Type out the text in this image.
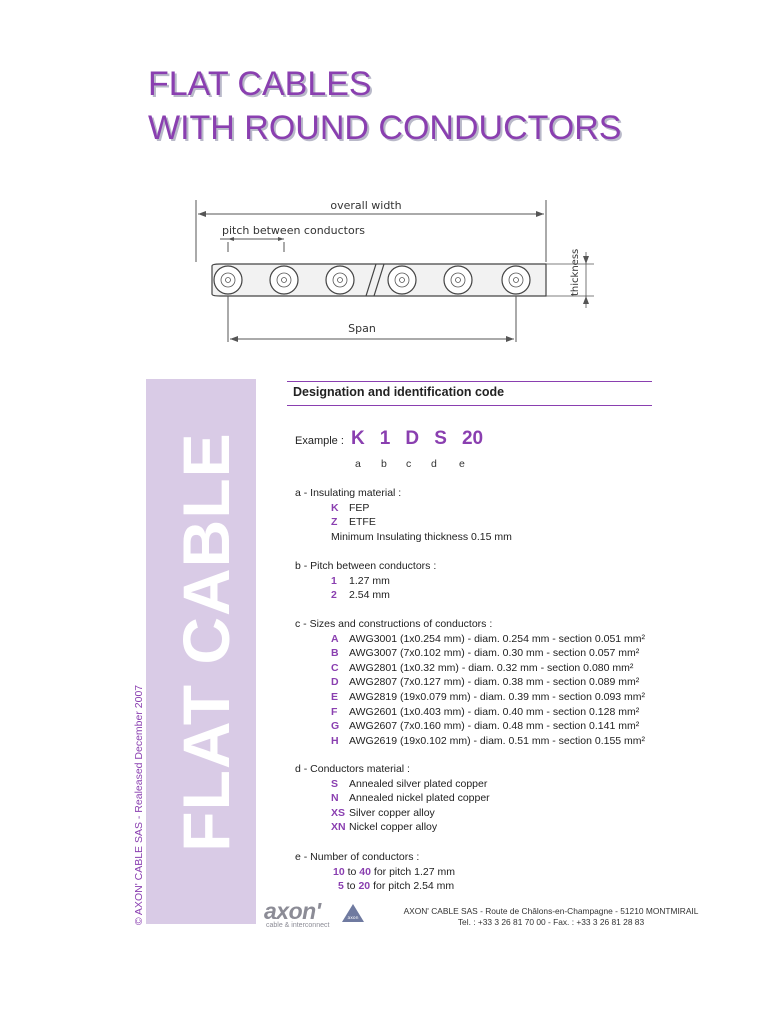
FLAT CABLES
WITH ROUND CONDUCTORS
overall width
pitch between conductors
thickness
Span
FLAT CABLE
© AXON' CABLE SAS - Realeased December 2007
Designation and identification code
Example : K 1 D S 20
a b c d e
a - Insulating material :
K FEP
Z ETFE
Minimum Insulating thickness 0.15 mm
b - Pitch between conductors :
1 1.27 mm
2 2.54 mm
c - Sizes and constructions of conductors :
A AWG3001 (1x0.254 mm) - diam. 0.254 mm - section 0.051 mm²
B AWG3007 (7x0.102 mm) - diam. 0.30 mm - section 0.057 mm²
C AWG2801 (1x0.32 mm) - diam. 0.32 mm - section 0.080 mm²
D AWG2807 (7x0.127 mm) - diam. 0.38 mm - section 0.089 mm²
E AWG2819 (19x0.079 mm) - diam. 0.39 mm - section 0.093 mm²
F AWG2601 (1x0.403 mm) - diam. 0.40 mm - section 0.128 mm²
G AWG2607 (7x0.160 mm) - diam. 0.48 mm - section 0.141 mm²
H AWG2619 (19x0.102 mm) - diam. 0.51 mm - section 0.155 mm²
d - Conductors material :
S Annealed silver plated copper
N Annealed nickel plated copper
XS Silver copper alloy
XN Nickel copper alloy
e - Number of conductors :
10 to 40 for pitch 1.27 mm
5 to 20 for pitch 2.54 mm
axon'
cable & interconnect
axon
AXON' CABLE SAS - Route de Châlons-en-Champagne - 51210 MONTMIRAIL
Tel. : +33 3 26 81 70 00 - Fax. : +33 3 26 81 28 83
